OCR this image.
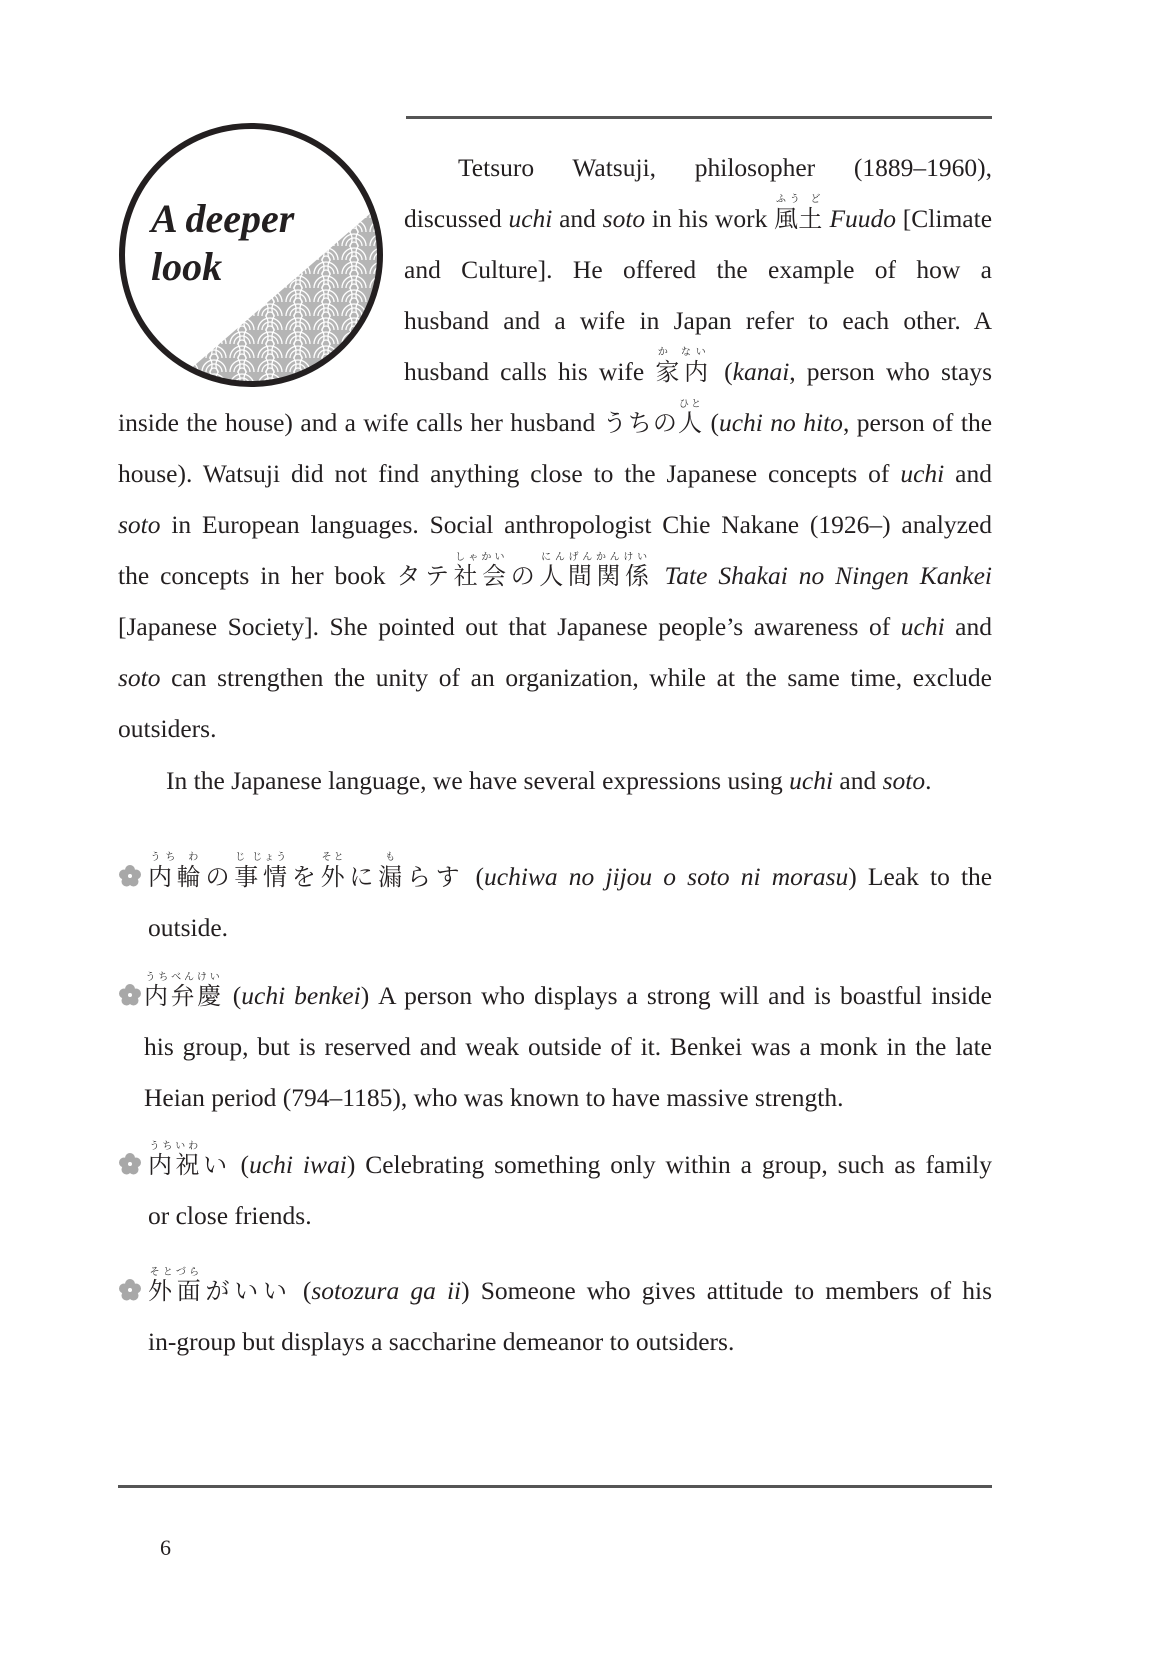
A deeper
look
Tetsuro Watsuji, philosopher (1889–1960),
discussed uchi and soto in his work 風土ふう ど Fuudo [Climate
and Culture]. He offered the example of how a
husband and a wife in Japan refer to each other. A
husband calls his wife 家内か ない (kanai, person who stays
inside the house) and a wife calls her husband うちの人ひと (uchi no hito, person of the
house). Watsuji did not find anything close to the Japanese concepts of uchi and
soto in European languages. Social anthropologist Chie Nakane (1926–) analyzed
the concepts in her book タテ社会しゃかいの人間関係にんげんかんけい Tate Shakai no Ningen Kankei
[Japanese Society]. She pointed out that Japanese people’s awareness of uchi and
soto can strengthen the unity of an organization, while at the same time, exclude
outsiders.
In the Japanese language, we have several expressions using uchi and soto.
内輪うち わの事情じ じょうを外そとに漏もらす (uchiwa no jijou o soto ni morasu) Leak to the
outside.
内弁慶うちべんけい (uchi benkei) A person who displays a strong will and is boastful inside
his group, but is reserved and weak outside of it. Benkei was a monk in the late
Heian period (794–1185), who was known to have massive strength.
内祝うちいわい (uchi iwai) Celebrating something only within a group, such as family
or close friends.
外面そとづらがいい (sotozura ga ii) Someone who gives attitude to members of his
in-group but displays a saccharine demeanor to outsiders.
6
